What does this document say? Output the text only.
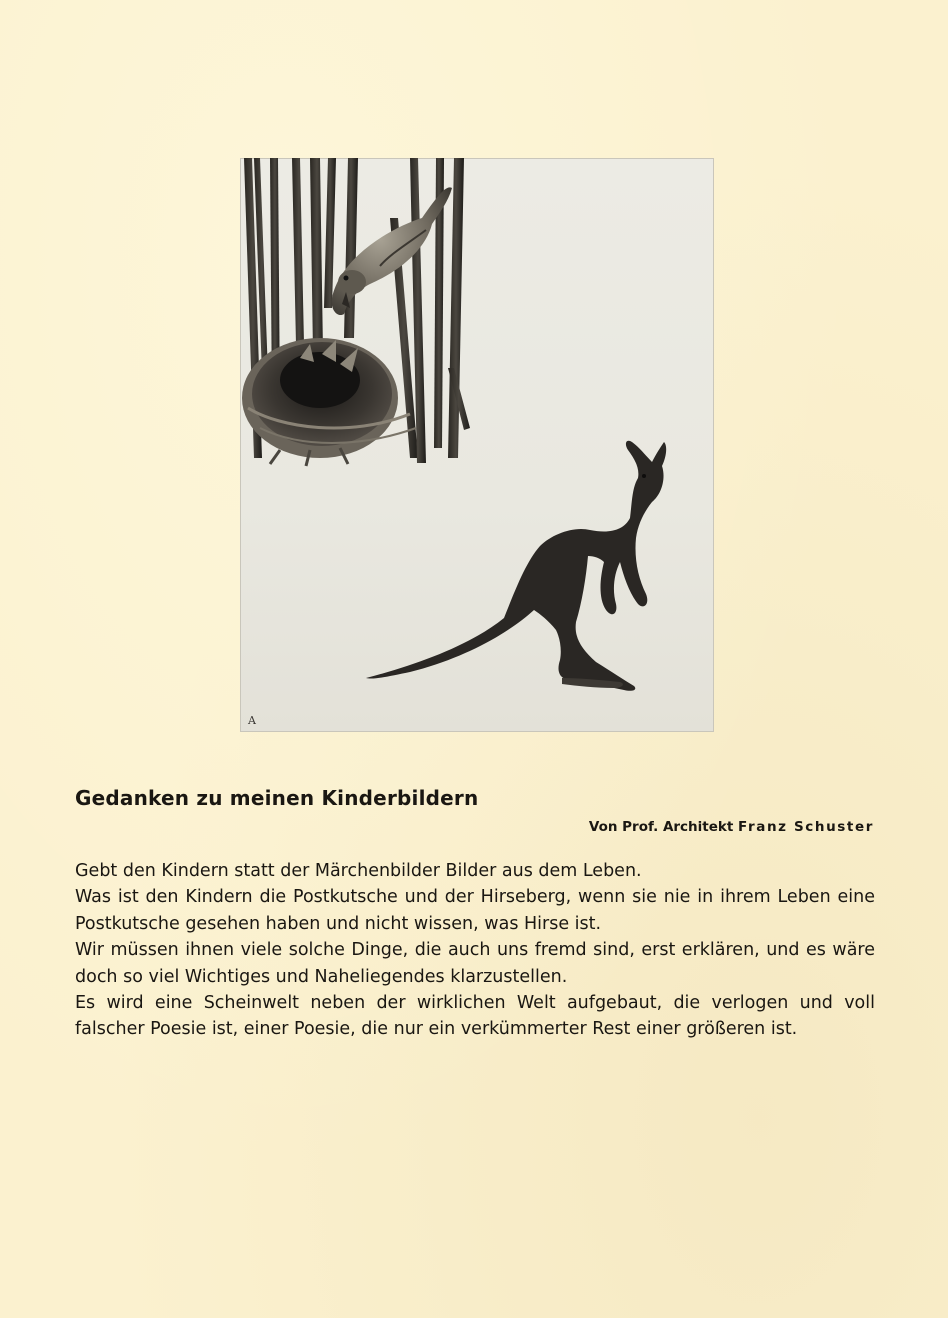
A
Gedanken zu meinen Kinderbildern
Von Prof. Architekt Franz Schuster

Gebt den Kindern statt der Märchenbilder Bilder aus dem Leben.

Was ist den Kindern die Postkutsche und der Hirseberg, wenn sie nie in ihrem Leben eine Postkutsche gesehen haben und nicht wissen, was Hirse ist.

Wir müssen ihnen viele solche Dinge, die auch uns fremd sind, erst erklären, und es wäre doch so viel Wichtiges und Naheliegendes klarzustellen.

Es wird eine Scheinwelt neben der wirklichen Welt aufgebaut, die verlogen und voll falscher Poesie ist, einer Poesie, die nur ein verkümmerter Rest einer größeren ist.
